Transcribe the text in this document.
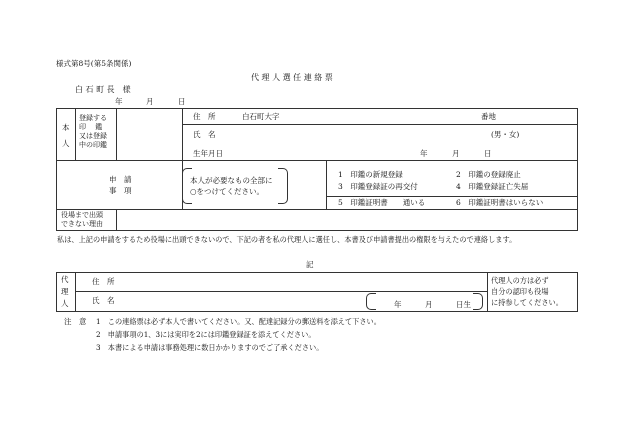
様式第8号(第5条関係)
代 理 人 選 任 連 絡 票
白 石 町 長　様
年	月	日
本
人
登録する
印　 鑑
又は登録
中の印鑑
住　所	白石町大字	番地
氏　名	(男・女)
生年月日	年	月	日
申　請
事　項
本人が必要なもの全部に
○をつけてください。
1　印鑑の新規登録	2　印鑑の登録廃止
3　印鑑登録証の再交付	4　印鑑登録証亡失届
5　印鑑証明書　　通いる	6　印鑑証明書はいらない
役場まで出頭
できない理由
私は、上記の申請をするため役場に出頭できないので、下記の者を私の代理人に選任し、本書及び申請書提出の権限を与えたので連絡します。
記
代
理
人
住　所
氏　名	年	月	日生
代理人の方は必ず
自分の認印も役場
に持参してください。
注　意 1　この連絡票は必ず本人で書いてください。又、配達記録分の郵送料を添えて下さい。
2　申請事項の1、3には実印を2には印鑑登録証を添えてください。
3　本書による申請は事務処理に数日かかりますのでご了承ください。
